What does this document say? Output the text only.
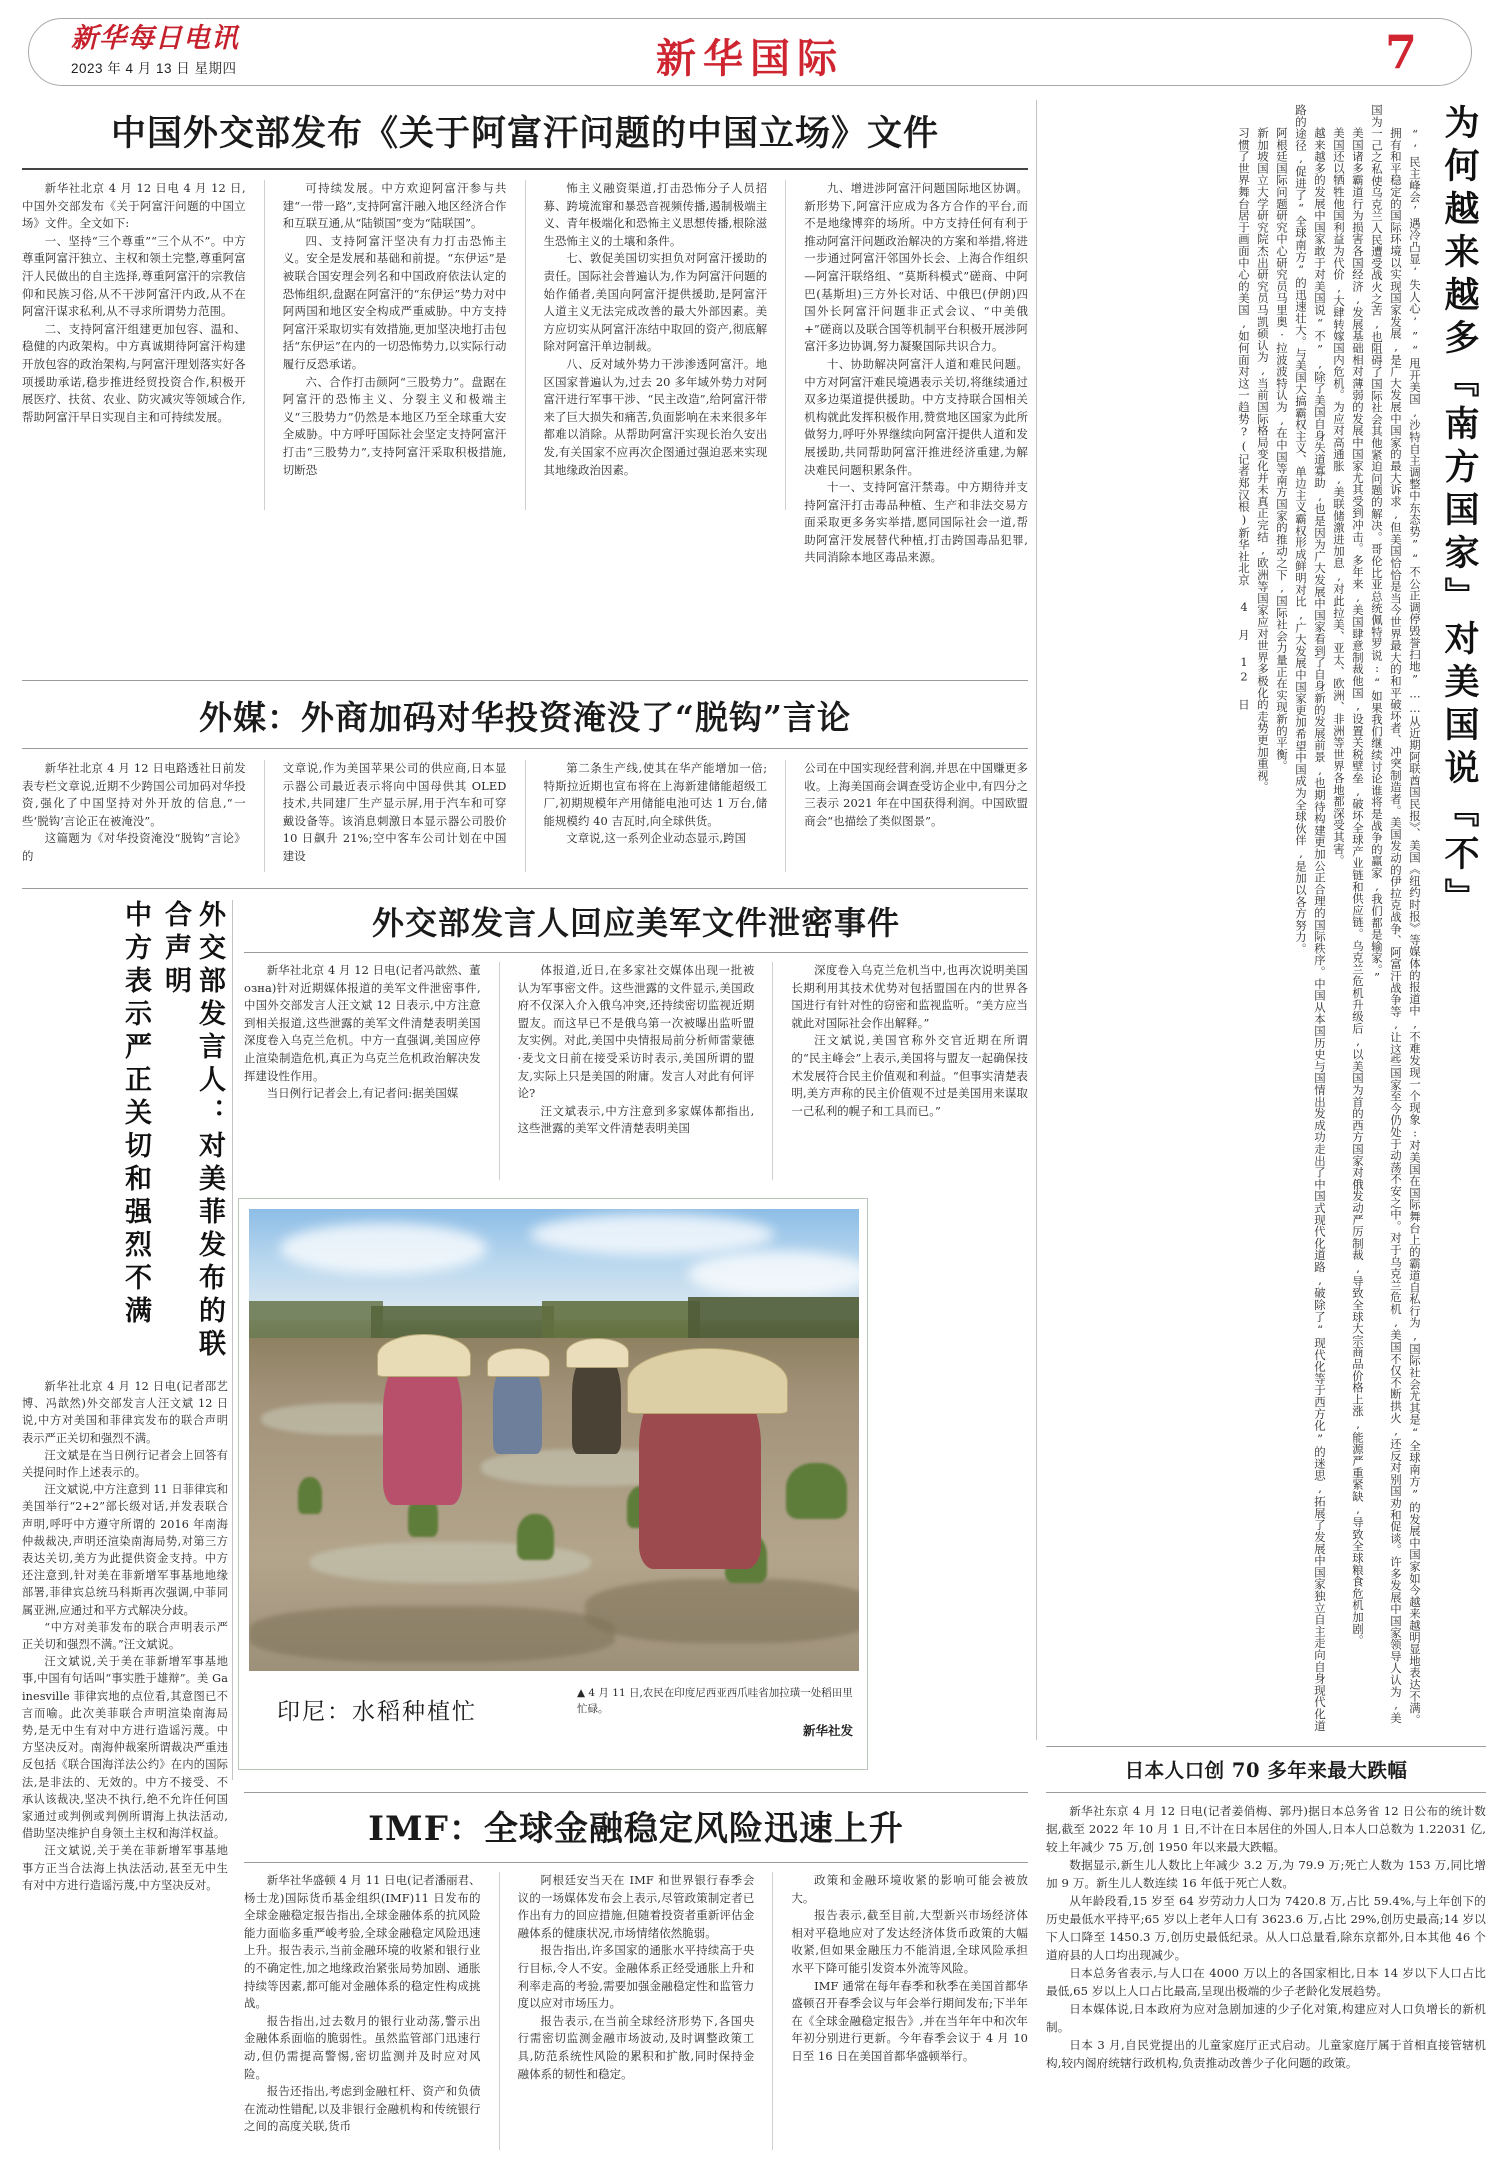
新华每日电讯
2023 年 4 月 13 日 星期四	新华国际	7
中国外交部发布《关于阿富汗问题的中国立场》文件

新华社北京 4 月 12 日电 4 月 12 日,中国外交部发布《关于阿富汗问题的中国立场》文件。全文如下:

一、坚持“三个尊重”“三个从不”。中方尊重阿富汗独立、主权和领土完整,尊重阿富汗人民做出的自主选择,尊重阿富汗的宗教信仰和民族习俗,从不干涉阿富汗内政,从不在阿富汗谋求私利,从不寻求所谓势力范围。

二、支持阿富汗组建更加包容、温和、稳健的内政架构。中方真诚期待阿富汗构建开放包容的政治架构,与阿富汗理划落实好各项援助承诺,稳步推进经贸投资合作,积极开展医疗、扶贫、农业、防灾减灾等领域合作,帮助阿富汗早日实现自主和可持续发展。

可持续发展。中方欢迎阿富汗参与共建“一带一路”,支持阿富汗融入地区经济合作和互联互通,从“陆锁国”变为“陆联国”。

四、支持阿富汗坚决有力打击恐怖主义。安全是发展和基础和前提。“东伊运”是被联合国安理会列名和中国政府依法认定的恐怖组织,盘踞在阿富汗的“东伊运”势力对中阿两国和地区安全构成严重威胁。中方支持阿富汗采取切实有效措施,更加坚决地打击包括“东伊运”在内的一切恐怖势力,以实际行动履行反恐承诺。

六、合作打击颜阿“三股势力”。盘踞在阿富汗的恐怖主义、分裂主义和极端主义“三股势力”仍然是本地区乃至全球重大安全威胁。中方呼吁国际社会坚定支持阿富汗打击“三股势力”,支持阿富汗采取积极措施,切断恐

怖主义融资渠道,打击恐怖分子人员招募、跨境流窜和暴恐音视频传播,遏制极端主义、青年极端化和恐怖主义思想传播,根除滋生恐怖主义的土壤和条件。

七、敦促美国切实担负对阿富汗援助的责任。国际社会普遍认为,作为阿富汗问题的始作俑者,美国向阿富汗提供援助,是阿富汗人道主义无法完成改善的最大外部因素。美方应切实从阿富汗冻结中取回的资产,彻底解除对阿富汗单边制裁。

八、反对域外势力干涉渗透阿富汗。地区国家普遍认为,过去 20 多年域外势力对阿富汗进行军事干涉、“民主改造”,给阿富汗带来了巨大损失和痛苦,负面影响在未来很多年都难以消除。从帮助阿富汗实现长治久安出发,有关国家不应再次企图通过强迫恶来实现其地缘政治因素。

九、增进涉阿富汗问题国际地区协调。新形势下,阿富汗应成为各方合作的平台,而不是地缘博弈的场所。中方支持任何有利于推动阿富汗问题政治解决的方案和举措,将进一步通过阿富汗邻国外长会、上海合作组织—阿富汗联络组、“莫斯科模式”磋商、中阿巴(基斯坦)三方外长对话、中俄巴(伊朗)四国外长阿富汗问题非正式会议、“中美俄+”磋商以及联合国等机制平台积极开展涉阿富汗多边协调,努力凝聚国际共识合力。

十、协助解决阿富汗人道和难民问题。中方对阿富汗难民境遇表示关切,将继续通过双多边渠道提供援助。中方支持联合国相关机构就此发挥积极作用,赞赏地区国家为此所做努力,呼吁外界继续向阿富汗提供人道和发展援助,共同帮助阿富汗推进经济重建,为解决难民问题积累条件。

十一、支持阿富汗禁毒。中方期待并支持阿富汗打击毒品种植、生产和非法交易方面采取更多务实举措,愿同国际社会一道,帮助阿富汗发展替代种植,打击跨国毒品犯罪,共同消除本地区毒品来源。

外媒：外商加码对华投资淹没了“脱钩”言论

新华社北京 4 月 12 日电路透社日前发表专栏文章说,近期不少跨国公司加码对华投资,强化了中国坚持对外开放的信息,“一些‘脱钩’言论正在被淹没”。

这篇题为《对华投资淹没“脱钩”言论》的

文章说,作为美国苹果公司的供应商,日本显示器公司最近表示将向中国母供其 OLED 技术,共同建厂生产显示屏,用于汽车和可穿戴设备等。该消息刺激日本显示器公司股价 10 日飙升 21%;空中客车公司计划在中国建设

第二条生产线,使其在华产能增加一倍;特斯拉近期也宣布将在上海新建储能超级工厂,初期规模年产用储能电池可达 1 万台,储能规模约 40 吉瓦时,向全球供货。

文章说,这一系列企业动态显示,跨国

公司在中国实现经营利润,并思在中国赚更多收。上海美国商会调查受访企业中,有四分之三表示 2021 年在中国获得利润。中国欧盟商会“也描绘了类似图景”。
外交部发言人：对美菲发布的联合声明
中方表示严正关切和强烈不满

新华社北京 4 月 12 日电(记者邵艺博、冯歆然)外交部发言人汪文斌 12 日说,中方对美国和菲律宾发布的联合声明表示严正关切和强烈不满。

汪文斌是在当日例行记者会上回答有关提问时作上述表示的。

汪文斌说,中方注意到 11 日菲律宾和美国举行“2+2”部长级对话,并发表联合声明,呼吁中方遵守所谓的 2016 年南海仲裁裁决,声明还渲染南海局势,对第三方表达关切,美方为此提供资金支持。中方还注意到,针对美在菲新增军事基地地缘部署,菲律宾总统马科斯再次强调,中菲同属亚洲,应通过和平方式解决分歧。

“中方对美菲发布的联合声明表示严正关切和强烈不满。”汪文斌说。

汪文斌说,关于美在菲新增军事基地事,中国有句话叫“事实胜于雄辩”。美 Gainesville 菲律宾地的点位看,其意图已不言而喻。此次美菲联合声明渲染南海局势,是无中生有对中方进行造谣污蔑。中方坚决反对。南海仲裁案所谓裁决严重违反包括《联合国海洋法公约》在内的国际法,是非法的、无效的。中方不接受、不承认该裁决,坚决不执行,绝不允许任何国家通过或判例或判例所谓海上执法活动,借助坚决维护自身领土主权和海洋权益。

汪文斌说,关于美在菲新增军事基地事方正当合法海上执法活动,甚至无中生有对中方进行造谣污蔑,中方坚决反对。

外交部发言人回应美军文件泄密事件

新华社北京 4 月 12 日电(记者冯歆然、董озна)针对近期媒体报道的美军文件泄密事件,中国外交部发言人汪文斌 12 日表示,中方注意到相关报道,这些泄露的美军文件清楚表明美国深度卷入乌克兰危机。中方一直强调,美国应停止渲染制造危机,真正为乌克兰危机政治解决发挥建设性作用。

当日例行记者会上,有记者问:据美国媒

体报道,近日,在多家社交媒体出现一批被认为军事密文件。这些泄露的文件显示,美国政府不仅深入介入俄乌冲突,还持续密切监视近期盟友。而这早已不是俄乌第一次被曝出监听盟友实例。对此,美国中央情报局前分析师雷蒙德·麦戈文日前在接受采访时表示,美国所谓的盟友,实际上只是美国的附庸。发言人对此有何评论?

汪文斌表示,中方注意到多家媒体都指出,这些泄露的美军文件清楚表明美国

深度卷入乌克兰危机当中,也再次说明美国长期利用其技术优势对包括盟国在内的世界各国进行有针对性的窃密和监视监听。“美方应当就此对国际社会作出解释。”

汪文斌说,美国官称外交官近期在所谓的“民主峰会”上表示,美国将与盟友一起确保技术发展符合民主价值观和利益。“但事实清楚表明,美方声称的民主价值观不过是美国用来谋取一己私利的幌子和工具而已。”

印尼：水稻种植忙
▲ 4 月 11 日,农民在印度尼西亚西爪哇省加拉璜一处稻田里忙碌。
新华社发
IMF：全球金融稳定风险迅速上升

新华社华盛顿 4 月 11 日电(记者潘丽君、杨士龙)国际货币基金组织(IMF)11 日发布的全球金融稳定报告指出,全球金融体系的抗风险能力面临多重严峻考验,全球金融稳定风险迅速上升。报告表示,当前金融环境的收紧和银行业的不确定性,加之地缘政治紧张局势加剧、通胀持续等因素,都可能对金融体系的稳定性构成挑战。

报告指出,过去数月的银行业动荡,警示出金融体系面临的脆弱性。虽然监管部门迅速行动,但仍需提高警惕,密切监测并及时应对风险。

报告还指出,考虑到金融杠杆、资产和负债在流动性错配,以及非银行金融机构和传统银行之间的高度关联,货币

阿根廷安当天在 IMF 和世界银行春季会议的一场媒体发布会上表示,尽管政策制定者已作出有力的回应措施,但随着投资者重新评估金融体系的健康状况,市场情绪依然脆弱。

报告指出,许多国家的通胀水平持续高于央行目标,令人不安。金融体系正经受通胀上升和利率走高的考验,需要加强金融稳定性和监管力度以应对市场压力。

报告表示,在当前全球经济形势下,各国央行需密切监测金融市场波动,及时调整政策工具,防范系统性风险的累积和扩散,同时保持金融体系的韧性和稳定。

政策和金融环境收紧的影响可能会被放大。

报告表示,截至目前,大型新兴市场经济体相对平稳地应对了发达经济体货币政策的大幅收紧,但如果金融压力不能消退,全球风险承担水平下降可能引发资本外流等风险。

IMF 通常在每年春季和秋季在美国首都华盛顿召开春季会议与年会举行期间发布;下半年在《全球金融稳定报告》,并在当年年中和次年年初分别进行更新。今年春季会议于 4 月 10 日至 16 日在美国首都华盛顿举行。

为何越来越多『南方国家』对美国说『不』

“‘民主峰会’遇冷凸显‘失人心’”“甩开美国,沙特自主调整中东态势”“不公正调停毁誉扫地”……从近期阿联酋国民报》、美国《纽约时报》等媒体的报道中,不难发现一个现象:对美国在国际舞台上的霸道自私行为,国际社会尤其是“全球南方”的发展中国家如今越来越明显地表达不满。

拥有和平稳定的国际环境以实现国家发展,是广大发展中国家的最大诉求,但美国恰恰是当今世界最大的和平破坏者、冲突制造者。美国发动的伊拉克战争、阿富汗战争等,让这些国家至今仍处于动荡不安之中。对于乌克兰危机,美国不仅不断拱火,还反对别国劝和促谈。许多发展中国家领导人认为,美国为一己之私使乌克兰人民遭受战火之苦,也阻碍了国际社会其他紧迫问题的解决。哥伦比亚总统佩特罗说:“如果我们继续讨论谁将是战争的赢家,我们都是输家。”

美国诸多霸道行为损害各国经济,发展基础相对薄弱的发展中国家尤其受到冲击。多年来,美国肆意制裁他国,设置关税壁垒,破坏全球产业链和供应链。乌克兰危机升级后,以美国为首的西方国家对俄发动严厉制裁,导致全球大宗商品价格上涨,能源严重紧缺,导致全球粮食危机加剧。

美国还以牺牲他国利益为代价,大肆转嫁国内危机。为应对高通胀,美联储激进加息,对此拉美、亚太、欧洲、非洲等世界各地都深受其害。

越来越多的发展中国家敢于对美国说“不”,除了美国自身失道寡助,也是因为广大发展中国家看到了自身新的发展前景,也期待构建更加公正合理的国际秩序。中国从本国历史与国情出发成功走出了中国式现代化道路,破除了“现代化等于西方化”的迷思,拓展了发展中国家独立自主走向自身现代化道路的途径,促进了“全球南方”的迅速壮大。与美国大搞霸权主义、单边主义霸权形成鲜明对比,广大发展中国家更加希望中国成为全球伙伴,是加以各方努力。

阿根廷国际问题研究中心研究员马里奥·拉波波特认为,在中国等南方国家的推动之下,国际社会力量正在实现新的平衡。

新加坡国立大学研究院杰出研究员马凯硕认为,当前国际格局变化并未真正完结,欧洲等国家应对世界多极化的走势更加重视。

习惯了世界舞台居于画面中心的美国,如何面对这一趋势?(记者郑汉根)新华社北京 4 月 12 日

日本人口创 70 多年来最大跌幅

新华社东京 4 月 12 日电(记者姜俏梅、郭丹)据日本总务省 12 日公布的统计数据,截至 2022 年 10 月 1 日,不计在日本居住的外国人,日本人口总数为 1.22031 亿,较上年减少 75 万,创 1950 年以来最大跌幅。

数据显示,新生儿人数比上年减少 3.2 万,为 79.9 万;死亡人数为 153 万,同比增加 9 万。新生儿人数连续 16 年低于死亡人数。

从年龄段看,15 岁至 64 岁劳动力人口为 7420.8 万,占比 59.4%,与上年创下的历史最低水平持平;65 岁以上老年人口有 3623.6 万,占比 29%,创历史最高;14 岁以下人口降至 1450.3 万,创历史最低纪录。从人口总量看,除东京都外,日本其他 46 个道府县的人口均出现减少。

日本总务省表示,与人口在 4000 万以上的各国家相比,日本 14 岁以下人口占比最低,65 岁以上人口占比最高,呈现出极端的少子老龄化发展趋势。

日本媒体说,日本政府为应对急剧加速的少子化对策,构建应对人口负增长的新机制。

日本 3 月,自民党提出的儿童家庭厅正式启动。儿童家庭厅属于首相直接管辖机构,较内阁府统辖行政机构,负责推动改善少子化问题的政策。
